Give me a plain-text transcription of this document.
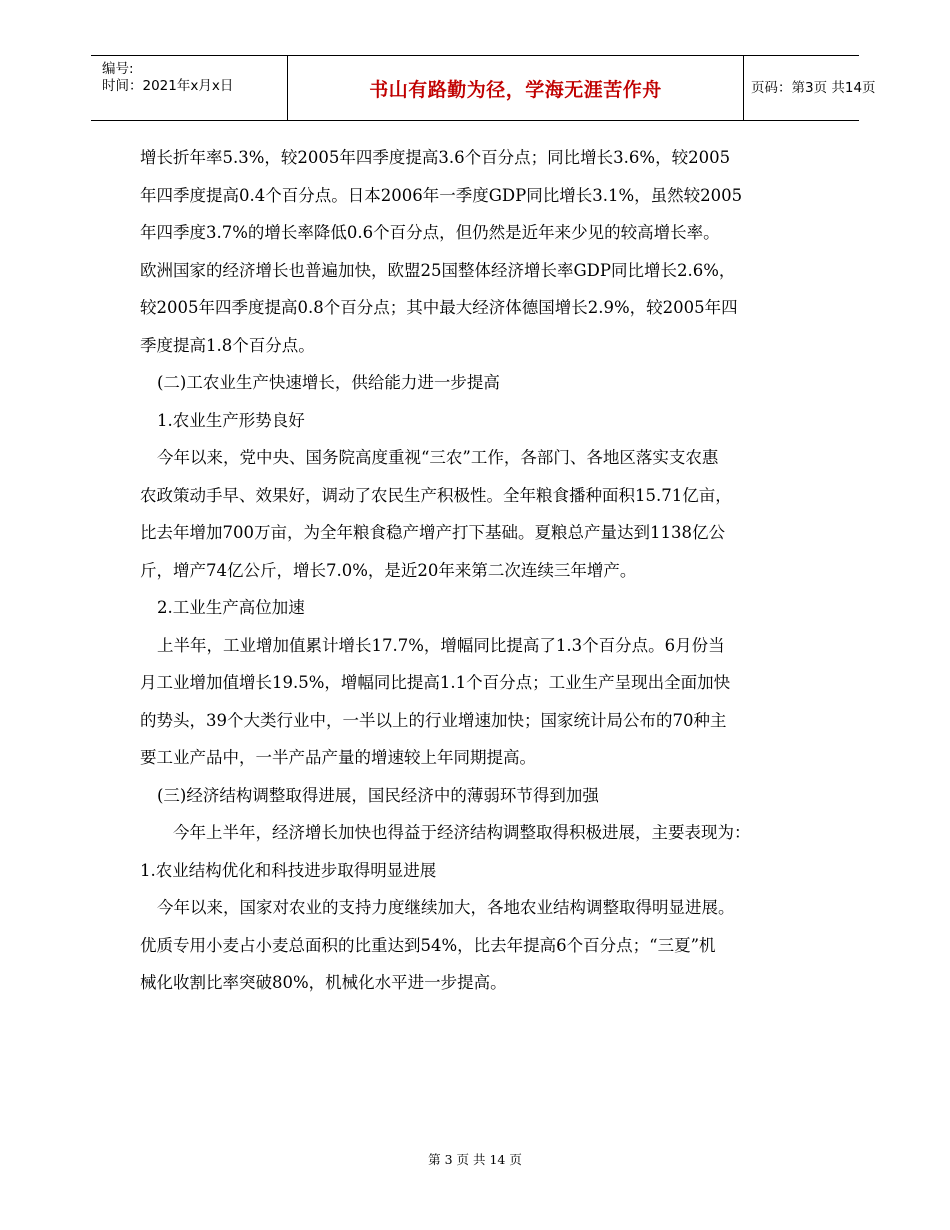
编号:
时间：2021年x月x日	书山有路勤为径，学海无涯苦作舟	页码：第3页 共14页
增长折年率5.3%，较2005年四季度提高3.6个百分点；同比增长3.6%，较2005
年四季度提高0.4个百分点。日本2006年一季度GDP同比增长3.1%，虽然较2005
年四季度3.7%的增长率降低0.6个百分点，但仍然是近年来少见的较高增长率。
欧洲国家的经济增长也普遍加快，欧盟25国整体经济增长率GDP同比增长2.6%，
较2005年四季度提高0.8个百分点；其中最大经济体德国增长2.9%，较2005年四
季度提高1.8个百分点。
(二)工农业生产快速增长，供给能力进一步提高
1.农业生产形势良好
今年以来，党中央、国务院高度重视“三农”工作，各部门、各地区落实支农惠
农政策动手早、效果好，调动了农民生产积极性。全年粮食播种面积15.71亿亩，
比去年增加700万亩，为全年粮食稳产增产打下基础。夏粮总产量达到1138亿公
斤，增产74亿公斤，增长7.0%，是近20年来第二次连续三年增产。
2.工业生产高位加速
上半年，工业增加值累计增长17.7%，增幅同比提高了1.3个百分点。6月份当
月工业增加值增长19.5%，增幅同比提高1.1个百分点；工业生产呈现出全面加快
的势头，39个大类行业中，一半以上的行业增速加快；国家统计局公布的70种主
要工业产品中，一半产品产量的增速较上年同期提高。
(三)经济结构调整取得进展，国民经济中的薄弱环节得到加强
今年上半年，经济增长加快也得益于经济结构调整取得积极进展，主要表现为：
1.农业结构优化和科技进步取得明显进展
今年以来，国家对农业的支持力度继续加大，各地农业结构调整取得明显进展。
优质专用小麦占小麦总面积的比重达到54%，比去年提高6个百分点；“三夏”机
械化收割比率突破80%，机械化水平进一步提高。
第 3 页 共 14 页
